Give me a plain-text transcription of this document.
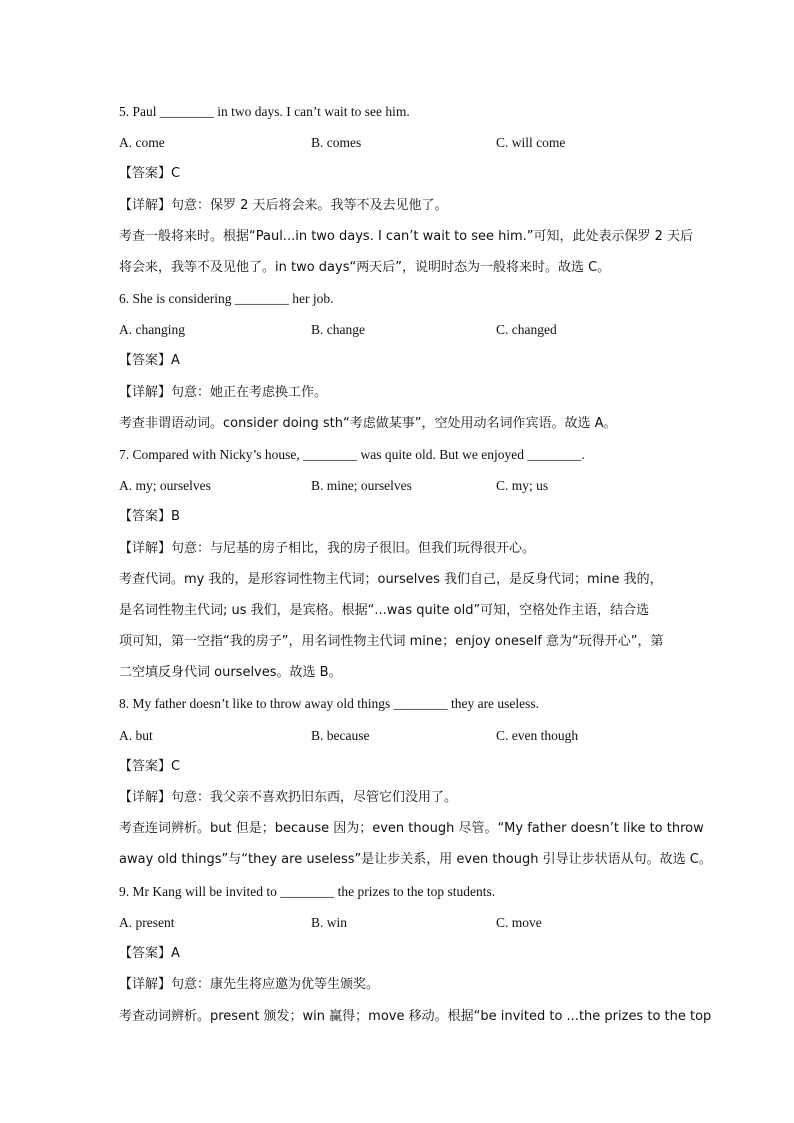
5. Paul ________ in two days. I can’t wait to see him.
A. come	B. comes	C. will come
【答案】C
【详解】句意：保罗 2 天后将会来。我等不及去见他了。
考查一般将来时。根据“Paul...in two days. I can’t wait to see him.”可知，此处表示保罗 2 天后
将会来，我等不及见他了。in two days“两天后”，说明时态为一般将来时。故选 C。
6. She is considering ________ her job.
A. changing	B. change	C. changed
【答案】A
【详解】句意：她正在考虑换工作。
考查非谓语动词。consider doing sth“考虑做某事”，空处用动名词作宾语。故选 A。
7. Compared with Nicky’s house, ________ was quite old. But we enjoyed ________.
A. my; ourselves	B. mine; ourselves	C. my; us
【答案】B
【详解】句意：与尼基的房子相比，我的房子很旧。但我们玩得很开心。
考查代词。my 我的，是形容词性物主代词；ourselves 我们自己，是反身代词；mine 我的，
是名词性物主代词; us 我们，是宾格。根据“...was quite old”可知，空格处作主语，结合选
项可知，第一空指“我的房子”，用名词性物主代词 mine；enjoy oneself 意为“玩得开心”，第
二空填反身代词 ourselves。故选 B。
8. My father doesn’t like to throw away old things ________ they are useless.
A. but	B. because	C. even though
【答案】C
【详解】句意：我父亲不喜欢扔旧东西，尽管它们没用了。
考查连词辨析。but 但是；because 因为；even though 尽管。“My father doesn’t like to throw
away old things”与“they are useless”是让步关系，用 even though 引导让步状语从句。故选 C。
9. Mr Kang will be invited to ________ the prizes to the top students.
A. present	B. win	C. move
【答案】A
【详解】句意：康先生将应邀为优等生颁奖。
考查动词辨析。present 颁发；win 赢得；move 移动。根据“be invited to ...the prizes to the top
